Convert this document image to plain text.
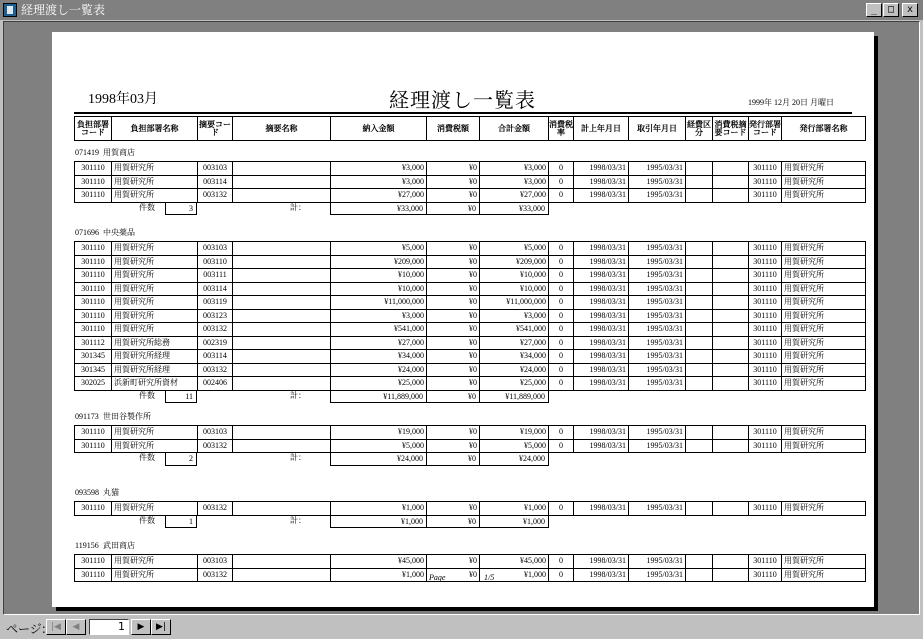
経理渡し一覧表	_	□	x
1998年03月	経理渡し一覧表	1999年 12月 20日 月曜日
負担部署コード	負担部署名称	摘要コード	摘要名称	納入金額	消費税額	合計金額	消費税率	計上年月日	取引年月日	経費区分	消費税摘要コード	発行部署コード	発行部署名称
071419 用賀商店
301110	用賀研究所	003103		¥3,000	¥0	¥3,000	0	1998/03/31	1995/03/31			301110	用賀研究所
301110	用賀研究所	003114		¥3,000	¥0	¥3,000	0	1998/03/31	1995/03/31			301110	用賀研究所
301110	用賀研究所	003132		¥27,000	¥0	¥27,000	0	1998/03/31	1995/03/31			301110	用賀研究所
件数	3	計：	¥33,000	¥0	¥33,000
071696 中央薬品
301110	用賀研究所	003103		¥5,000	¥0	¥5,000	0	1998/03/31	1995/03/31			301110	用賀研究所
301110	用賀研究所	003110		¥209,000	¥0	¥209,000	0	1998/03/31	1995/03/31			301110	用賀研究所
301110	用賀研究所	003111		¥10,000	¥0	¥10,000	0	1998/03/31	1995/03/31			301110	用賀研究所
301110	用賀研究所	003114		¥10,000	¥0	¥10,000	0	1998/03/31	1995/03/31			301110	用賀研究所
301110	用賀研究所	003119		¥11,000,000	¥0	¥11,000,000	0	1998/03/31	1995/03/31			301110	用賀研究所
301110	用賀研究所	003123		¥3,000	¥0	¥3,000	0	1998/03/31	1995/03/31			301110	用賀研究所
301110	用賀研究所	003132		¥541,000	¥0	¥541,000	0	1998/03/31	1995/03/31			301110	用賀研究所
301112	用賀研究所総務	002319		¥27,000	¥0	¥27,000	0	1998/03/31	1995/03/31			301110	用賀研究所
301345	用賀研究所経理	003114		¥34,000	¥0	¥34,000	0	1998/03/31	1995/03/31			301110	用賀研究所
301345	用賀研究所経理	003132		¥24,000	¥0	¥24,000	0	1998/03/31	1995/03/31			301110	用賀研究所
302025	浜新町研究所資材	002406		¥25,000	¥0	¥25,000	0	1998/03/31	1995/03/31			301110	用賀研究所
件数	11	計：	¥11,889,000	¥0	¥11,889,000
091173 世田谷製作所
301110	用賀研究所	003103		¥19,000	¥0	¥19,000	0	1998/03/31	1995/03/31			301110	用賀研究所
301110	用賀研究所	003132		¥5,000	¥0	¥5,000	0	1998/03/31	1995/03/31			301110	用賀研究所
件数	2	計：	¥24,000	¥0	¥24,000
093598 丸猫
301110	用賀研究所	003132		¥1,000	¥0	¥1,000	0	1998/03/31	1995/03/31			301110	用賀研究所
件数	1	計：	¥1,000	¥0	¥1,000
119156 武田商店
301110	用賀研究所	003103		¥45,000	¥0	¥45,000	0	1998/03/31	1995/03/31			301110	用賀研究所
301110	用賀研究所	003132		¥1,000	¥0	¥1,000	0	1998/03/31	1995/03/31			301110	用賀研究所
Page	1/5
ページ: |◀	◀	1	▶	▶|
